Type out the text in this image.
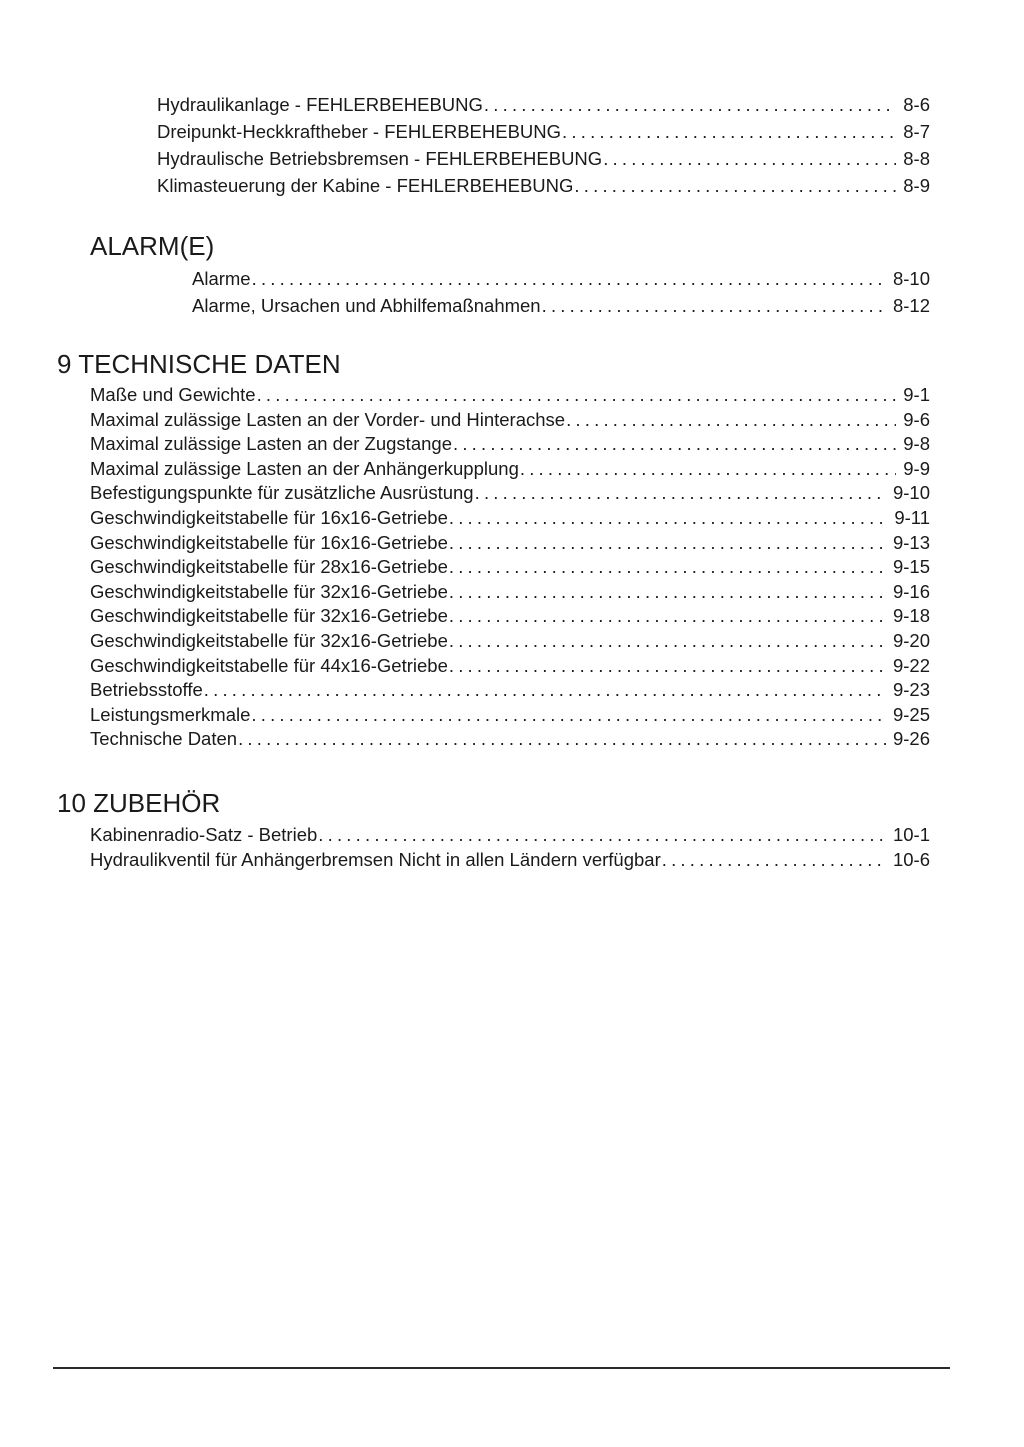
Hydraulikanlage - FEHLERBEHEBUNG .....	8-6
Dreipunkt-Heckkraftheber - FEHLERBEHEBUNG .....	8-7
Hydraulische Betriebsbremsen - FEHLERBEHEBUNG .....	8-8
Klimasteuerung der Kabine - FEHLERBEHEBUNG .....	8-9
ALARM(E)
Alarme .....	8-10
Alarme, Ursachen und Abhilfemaßnahmen .....	8-12
9 TECHNISCHE DATEN
Maße und Gewichte .....	9-1
Maximal zulässige Lasten an der Vorder- und Hinterachse .....	9-6
Maximal zulässige Lasten an der Zugstange .....	9-8
Maximal zulässige Lasten an der Anhängerkupplung .....	9-9
Befestigungspunkte für zusätzliche Ausrüstung .....	9-10
Geschwindigkeitstabelle für 16x16-Getriebe .....	9-11
Geschwindigkeitstabelle für 16x16-Getriebe .....	9-13
Geschwindigkeitstabelle für 28x16-Getriebe .....	9-15
Geschwindigkeitstabelle für 32x16-Getriebe .....	9-16
Geschwindigkeitstabelle für 32x16-Getriebe .....	9-18
Geschwindigkeitstabelle für 32x16-Getriebe .....	9-20
Geschwindigkeitstabelle für 44x16-Getriebe .....	9-22
Betriebsstoffe .....	9-23
Leistungsmerkmale .....	9-25
Technische Daten .....	9-26
10 ZUBEHÖR
Kabinenradio-Satz - Betrieb .....	10-1
Hydraulikventil für Anhängerbremsen Nicht in allen Ländern verfügbar .....	10-6
